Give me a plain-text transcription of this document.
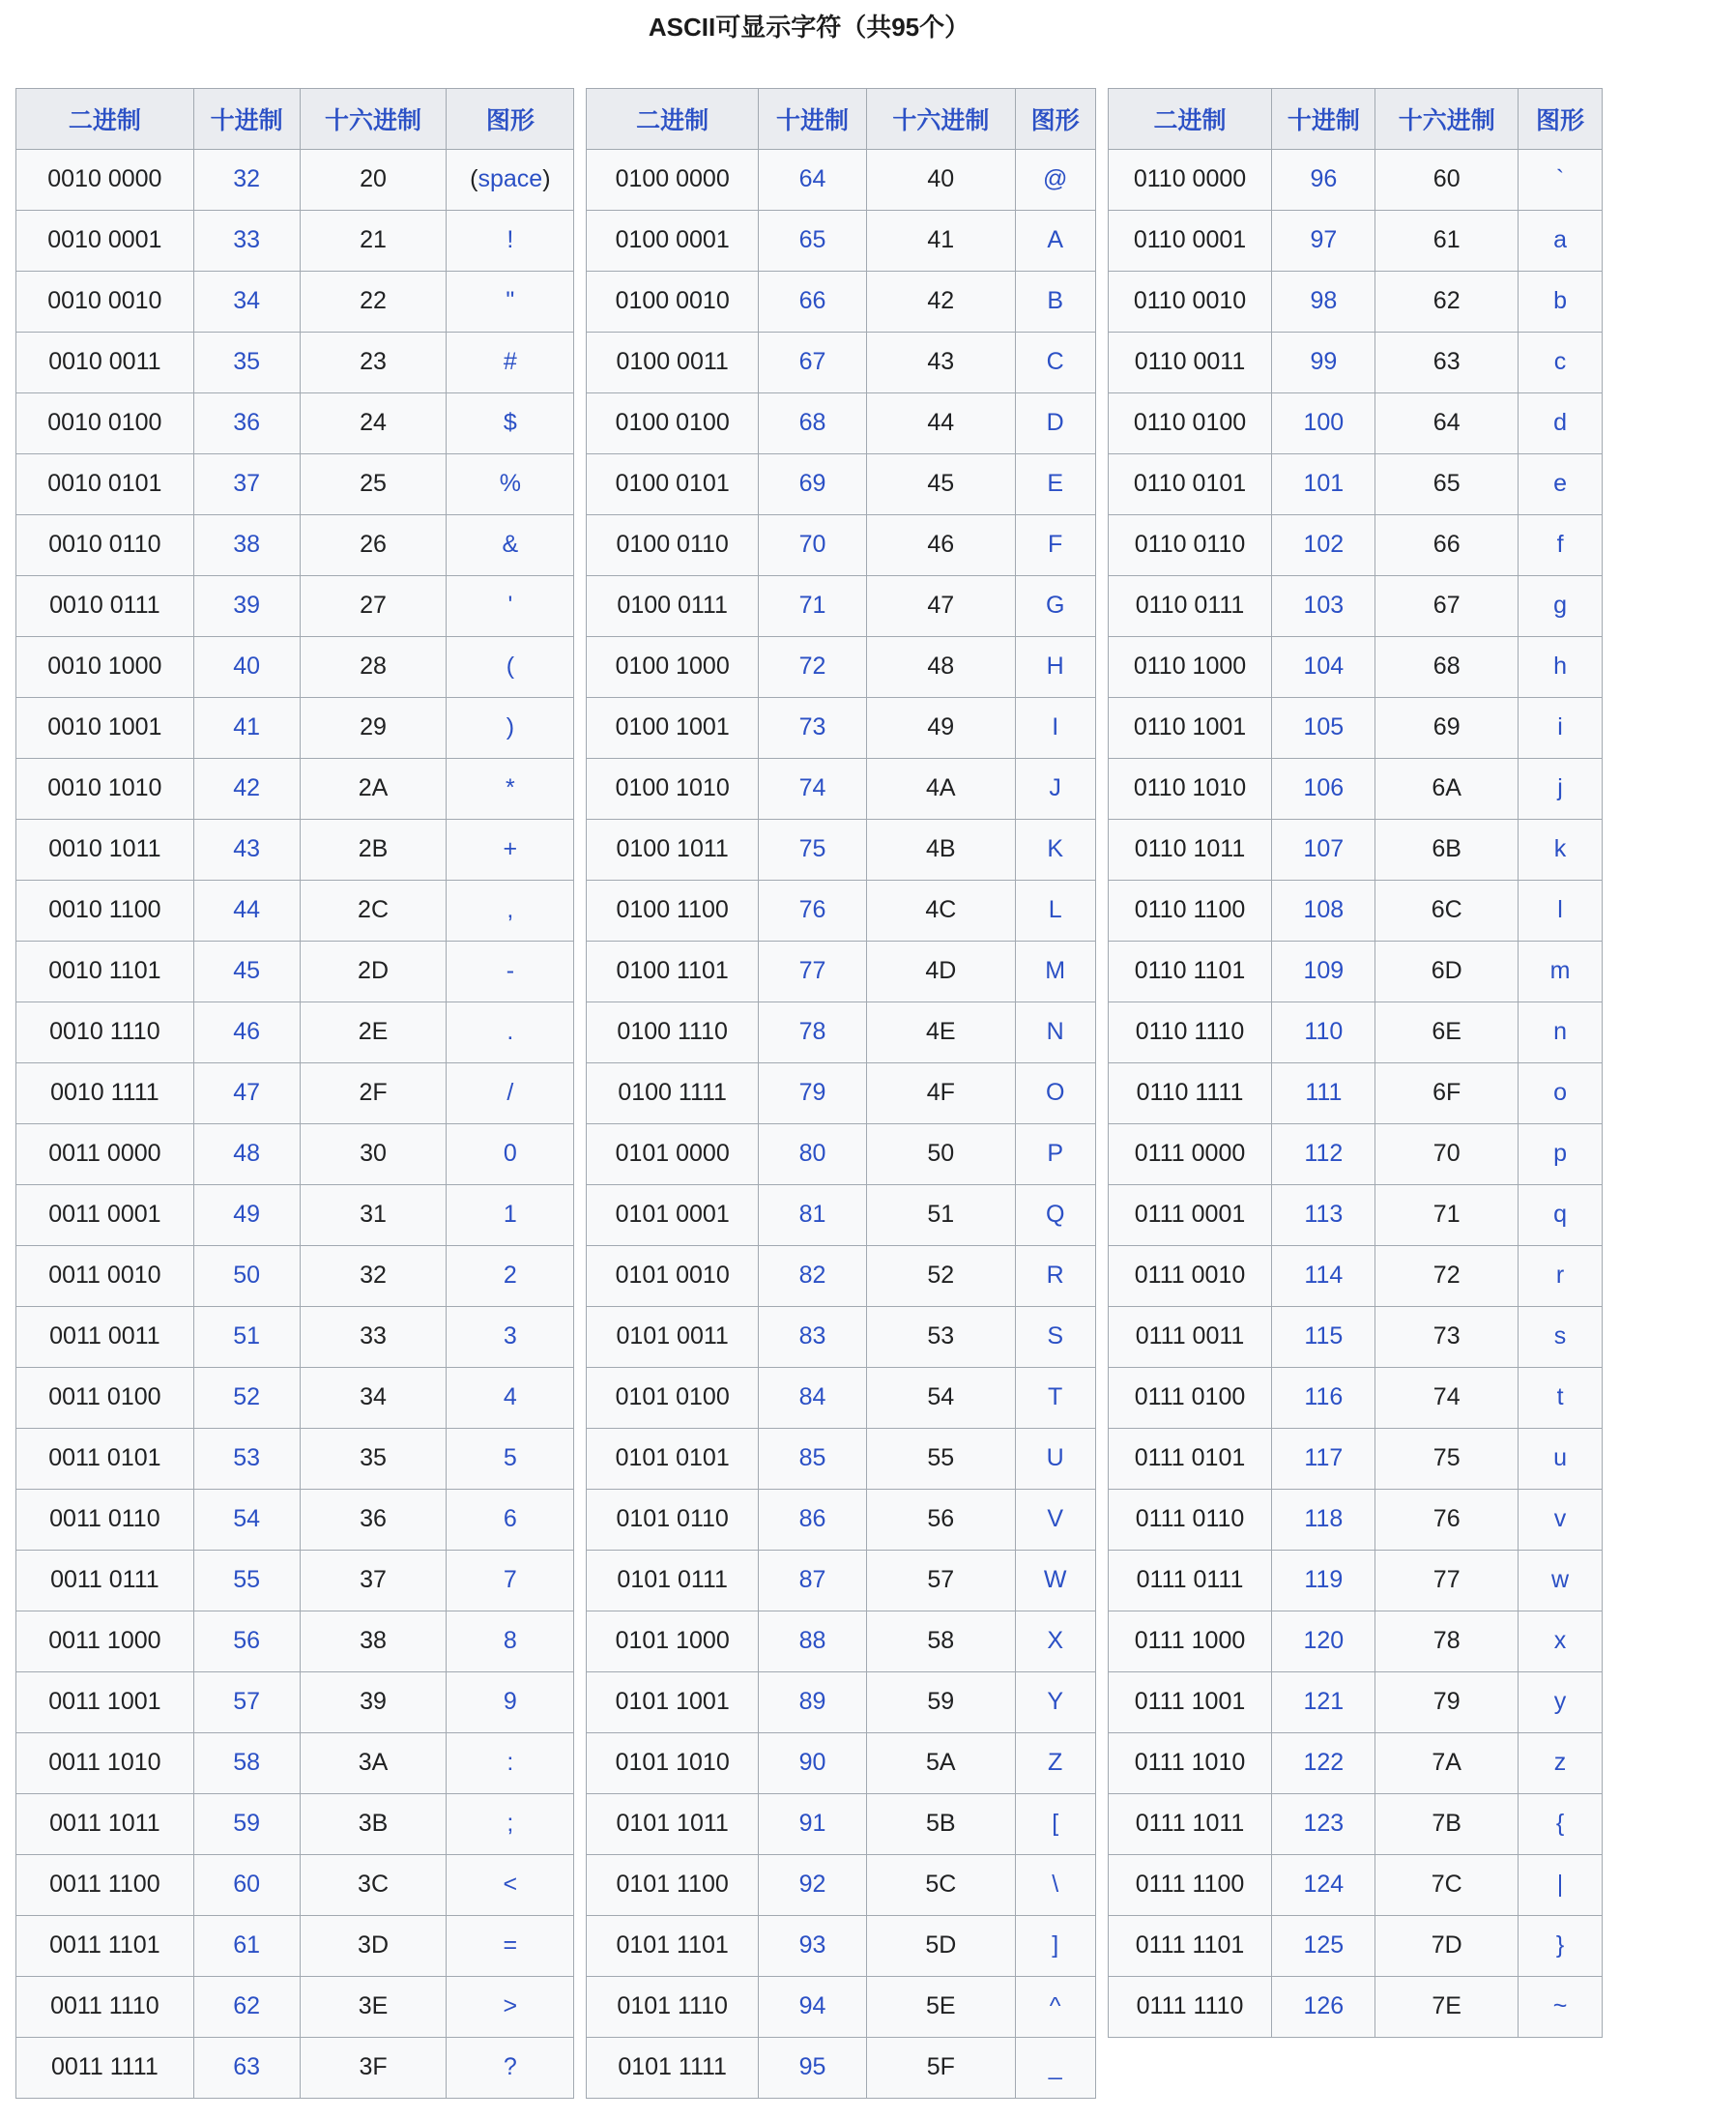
ASCII可显示字符（共95个）
二进制	十进制	十六进制	图形
0010 0000	32	20	(space)
0010 0001	33	21	!
0010 0010	34	22	"
0010 0011	35	23	#
0010 0100	36	24	$
0010 0101	37	25	%
0010 0110	38	26	&
0010 0111	39	27	'
0010 1000	40	28	(
0010 1001	41	29	)
0010 1010	42	2A	*
0010 1011	43	2B	+
0010 1100	44	2C	,
0010 1101	45	2D	-
0010 1110	46	2E	.
0010 1111	47	2F	/
0011 0000	48	30	0
0011 0001	49	31	1
0011 0010	50	32	2
0011 0011	51	33	3
0011 0100	52	34	4
0011 0101	53	35	5
0011 0110	54	36	6
0011 0111	55	37	7
0011 1000	56	38	8
0011 1001	57	39	9
0011 1010	58	3A	:
0011 1011	59	3B	;
0011 1100	60	3C	<
0011 1101	61	3D	=
0011 1110	62	3E	>
0011 1111	63	3F	?
二进制	十进制	十六进制	图形
0100 0000	64	40	@
0100 0001	65	41	A
0100 0010	66	42	B
0100 0011	67	43	C
0100 0100	68	44	D
0100 0101	69	45	E
0100 0110	70	46	F
0100 0111	71	47	G
0100 1000	72	48	H
0100 1001	73	49	I
0100 1010	74	4A	J
0100 1011	75	4B	K
0100 1100	76	4C	L
0100 1101	77	4D	M
0100 1110	78	4E	N
0100 1111	79	4F	O
0101 0000	80	50	P
0101 0001	81	51	Q
0101 0010	82	52	R
0101 0011	83	53	S
0101 0100	84	54	T
0101 0101	85	55	U
0101 0110	86	56	V
0101 0111	87	57	W
0101 1000	88	58	X
0101 1001	89	59	Y
0101 1010	90	5A	Z
0101 1011	91	5B	[
0101 1100	92	5C	\
0101 1101	93	5D	]
0101 1110	94	5E	^
0101 1111	95	5F	_
二进制	十进制	十六进制	图形
0110 0000	96	60	`
0110 0001	97	61	a
0110 0010	98	62	b
0110 0011	99	63	c
0110 0100	100	64	d
0110 0101	101	65	e
0110 0110	102	66	f
0110 0111	103	67	g
0110 1000	104	68	h
0110 1001	105	69	i
0110 1010	106	6A	j
0110 1011	107	6B	k
0110 1100	108	6C	l
0110 1101	109	6D	m
0110 1110	110	6E	n
0110 1111	111	6F	o
0111 0000	112	70	p
0111 0001	113	71	q
0111 0010	114	72	r
0111 0011	115	73	s
0111 0100	116	74	t
0111 0101	117	75	u
0111 0110	118	76	v
0111 0111	119	77	w
0111 1000	120	78	x
0111 1001	121	79	y
0111 1010	122	7A	z
0111 1011	123	7B	{
0111 1100	124	7C	|
0111 1101	125	7D	}
0111 1110	126	7E	~
